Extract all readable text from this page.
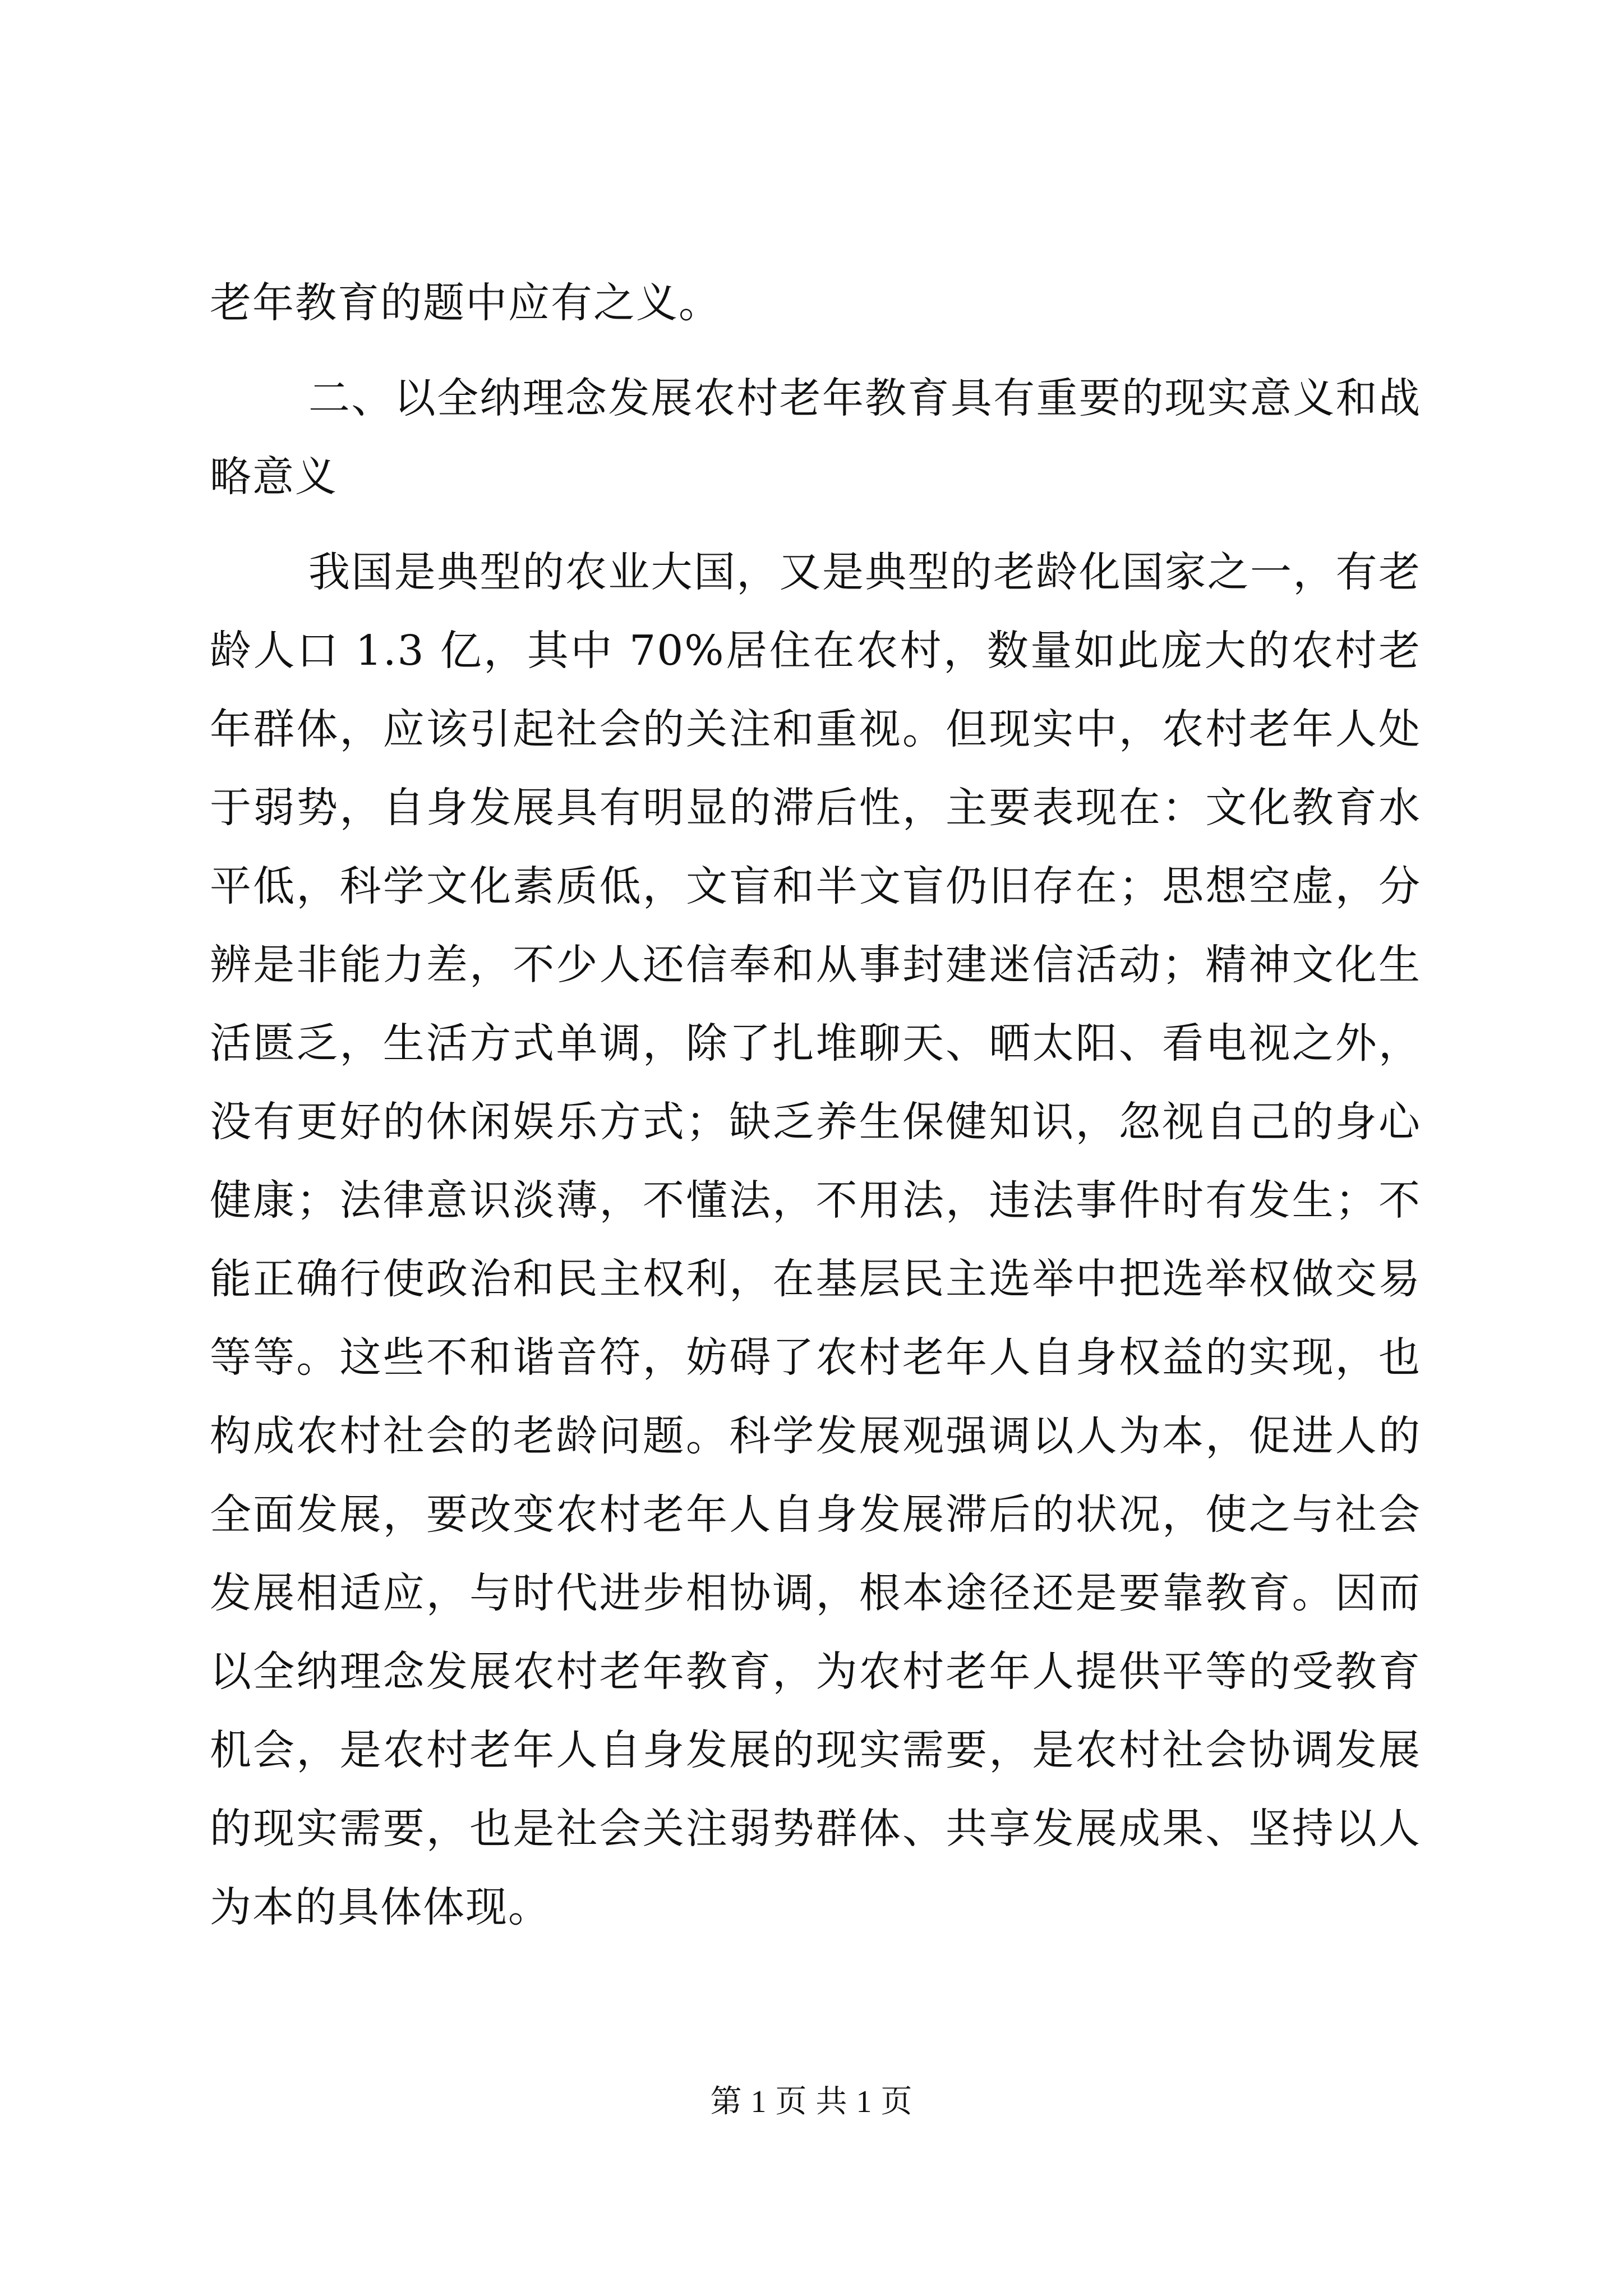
老年教育的题中应有之义。
二、以全纳理念发展农村老年教育具有重要的现实意义和战
略意义
我国是典型的农业大国，又是典型的老龄化国家之一，有老
龄人口 1.3 亿，其中 70%居住在农村，数量如此庞大的农村老
年群体，应该引起社会的关注和重视。但现实中，农村老年人处
于弱势，自身发展具有明显的滞后性，主要表现在：文化教育水
平低，科学文化素质低，文盲和半文盲仍旧存在；思想空虚，分
辨是非能力差，不少人还信奉和从事封建迷信活动；精神文化生
活匮乏，生活方式单调，除了扎堆聊天、晒太阳、看电视之外，
没有更好的休闲娱乐方式；缺乏养生保健知识，忽视自己的身心
健康；法律意识淡薄，不懂法，不用法，违法事件时有发生；不
能正确行使政治和民主权利，在基层民主选举中把选举权做交易
等等。这些不和谐音符，妨碍了农村老年人自身权益的实现，也
构成农村社会的老龄问题。科学发展观强调以人为本，促进人的
全面发展，要改变农村老年人自身发展滞后的状况，使之与社会
发展相适应，与时代进步相协调，根本途径还是要靠教育。因而
以全纳理念发展农村老年教育，为农村老年人提供平等的受教育
机会，是农村老年人自身发展的现实需要，是农村社会协调发展
的现实需要，也是社会关注弱势群体、共享发展成果、坚持以人
为本的具体体现。
第 1 页 共 1 页
